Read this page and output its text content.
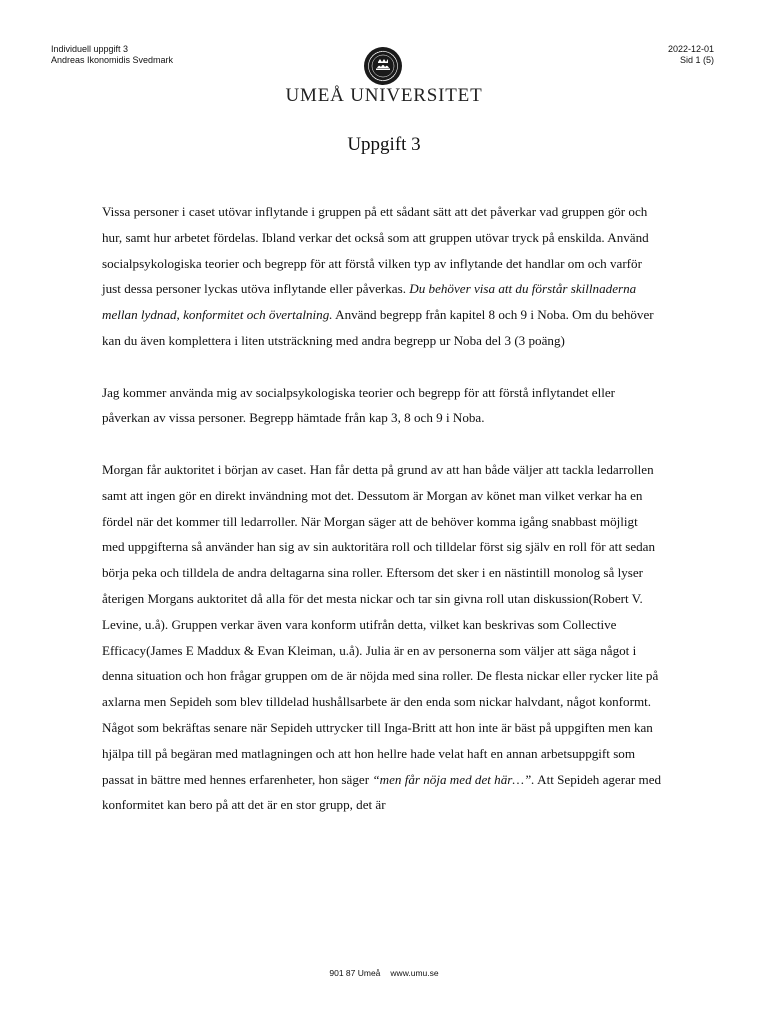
Individuell uppgift 3
Andreas Ikonomidis Svedmark
2022-12-01
Sid 1 (5)
UMEÅ UNIVERSITET
Uppgift 3

Vissa personer i caset utövar inflytande i gruppen på ett sådant sätt att det påverkar vad gruppen gör och hur, samt hur arbetet fördelas. Ibland verkar det också som att gruppen utövar tryck på enskilda. Använd socialpsykologiska teorier och begrepp för att förstå vilken typ av inflytande det handlar om och varför just dessa personer lyckas utöva inflytande eller påverkas. Du behöver visa att du förstår skillnaderna mellan lydnad, konformitet och övertalning. Använd begrepp från kapitel 8 och 9 i Noba. Om du behöver kan du även komplettera i liten utsträckning med andra begrepp ur Noba del 3 (3 poäng)

Jag kommer använda mig av socialpsykologiska teorier och begrepp för att förstå inflytandet eller påverkan av vissa personer. Begrepp hämtade från kap 3, 8 och 9 i Noba.

Morgan får auktoritet i början av caset. Han får detta på grund av att han både väljer att tackla ledarrollen samt att ingen gör en direkt invändning mot det. Dessutom är Morgan av könet man vilket verkar ha en fördel när det kommer till ledarroller. När Morgan säger att de behöver komma igång snabbast möjligt med uppgifterna så använder han sig av sin auktoritära roll och tilldelar först sig själv en roll för att sedan börja peka och tilldela de andra deltagarna sina roller. Eftersom det sker i en nästintill monolog så lyser återigen Morgans auktoritet då alla för det mesta nickar och tar sin givna roll utan diskussion(Robert V. Levine, u.å). Gruppen verkar även vara konform utifrån detta, vilket kan beskrivas som Collective Efficacy(James E Maddux & Evan Kleiman, u.å). Julia är en av personerna som väljer att säga något i denna situation och hon frågar gruppen om de är nöjda med sina roller. De flesta nickar eller rycker lite på axlarna men Sepideh som blev tilldelad hushållsarbete är den enda som nickar halvdant, något konformt. Något som bekräftas senare när Sepideh uttrycker till Inga-Britt att hon inte är bäst på uppgiften men kan hjälpa till på begäran med matlagningen och att hon hellre hade velat haft en annan arbetsuppgift som passat in bättre med hennes erfarenheter, hon säger “men får nöja med det här…”. Att Sepideh agerar med konformitet kan bero på att det är en stor grupp, det är

901 87 Umeå www.umu.se
